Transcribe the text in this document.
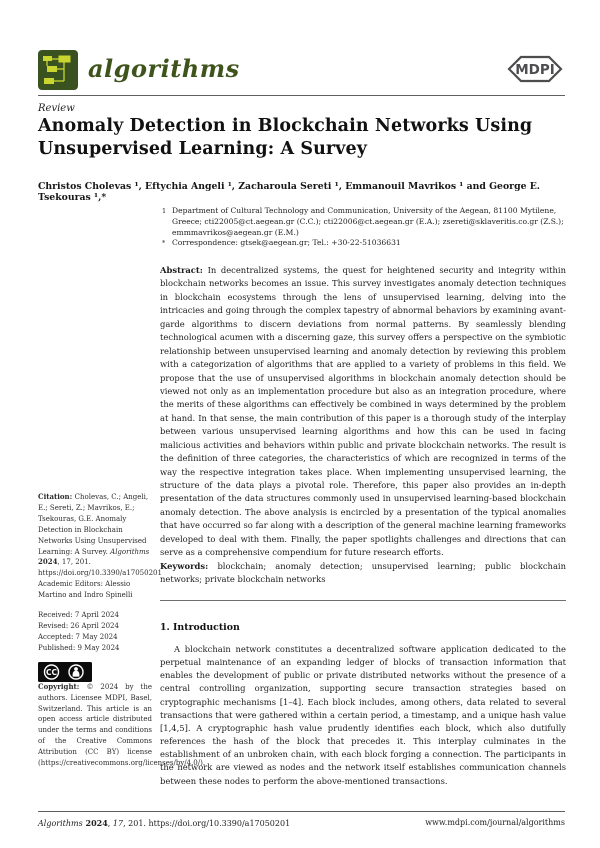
algorithms	MDPI
Review
Anomaly Detection in Blockchain Networks Using Unsupervised Learning: A Survey
Christos Cholevas ¹, Eftychia Angeli ¹, Zacharoula Sereti ¹, Emmanouil Mavrikos ¹ and George E. Tsekouras ¹,*
1 Department of Cultural Technology and Communication, University of the Aegean, 81100 Mytilene, Greece; cti22005@ct.aegean.gr (C.C.); cti22006@ct.aegean.gr (E.A.); zsereti@sklaveritis.co.gr (Z.S.); emmmavrikos@aegean.gr (E.M.)
* Correspondence: gtsek@aegean.gr; Tel.: +30-22-51036631

Abstract: In decentralized systems, the quest for heightened security and integrity within blockchain networks becomes an issue. This survey investigates anomaly detection techniques in blockchain ecosystems through the lens of unsupervised learning, delving into the intricacies and going through the complex tapestry of abnormal behaviors by examining avant-garde algorithms to discern deviations from normal patterns. By seamlessly blending technological acumen with a discerning gaze, this survey offers a perspective on the symbiotic relationship between unsupervised learning and anomaly detection by reviewing this problem with a categorization of algorithms that are applied to a variety of problems in this field. We propose that the use of unsupervised algorithms in blockchain anomaly detection should be viewed not only as an implementation procedure but also as an integration procedure, where the merits of these algorithms can effectively be combined in ways determined by the problem at hand. In that sense, the main contribution of this paper is a thorough study of the interplay between various unsupervised learning algorithms and how this can be used in facing malicious activities and behaviors within public and private blockchain networks. The result is the definition of three categories, the characteristics of which are recognized in terms of the way the respective integration takes place. When implementing unsupervised learning, the structure of the data plays a pivotal role. Therefore, this paper also provides an in-depth presentation of the data structures commonly used in unsupervised learning-based blockchain anomaly detection. The above analysis is encircled by a presentation of the typical anomalies that have occurred so far along with a description of the general machine learning frameworks developed to deal with them. Finally, the paper spotlights challenges and directions that can serve as a comprehensive compendium for future research efforts.

Keywords: blockchain; anomaly detection; unsupervised learning; public blockchain networks; private blockchain networks

1. Introduction

A blockchain network constitutes a decentralized software application dedicated to the perpetual maintenance of an expanding ledger of blocks of transaction information that enables the development of public or private distributed networks without the presence of a central controlling organization, supporting secure transaction strategies based on cryptographic mechanisms [1–4]. Each block includes, among others, data related to several transactions that were gathered within a certain period, a timestamp, and a unique hash value [1,4,5]. A cryptographic hash value prudently identifies each block, which also dutifully references the hash of the block that precedes it. This interplay culminates in the establishment of an unbroken chain, with each block forging a connection. The participants in the network are viewed as nodes and the network itself establishes communication channels between these nodes to perform the above-mentioned transactions.

Citation: Cholevas, C.; Angeli, E.; Sereti, Z.; Mavrikos, E.; Tsekouras, G.E. Anomaly Detection in Blockchain Networks Using Unsupervised Learning: A Survey. Algorithms 2024, 17, 201. https://doi.org/10.3390/a17050201

Academic Editors: Alessio Martino and Indro Spinelli

Received: 7 April 2024
Revised: 26 April 2024
Accepted: 7 May 2024
Published: 9 May 2024
CC

Copyright: © 2024 by the authors. Licensee MDPI, Basel, Switzerland. This article is an open access article distributed under the terms and conditions of the Creative Commons Attribution (CC BY) license (https://creativecommons.org/licenses/by/4.0/).

Algorithms 2024, 17, 201. https://doi.org/10.3390/a17050201	www.mdpi.com/journal/algorithms
